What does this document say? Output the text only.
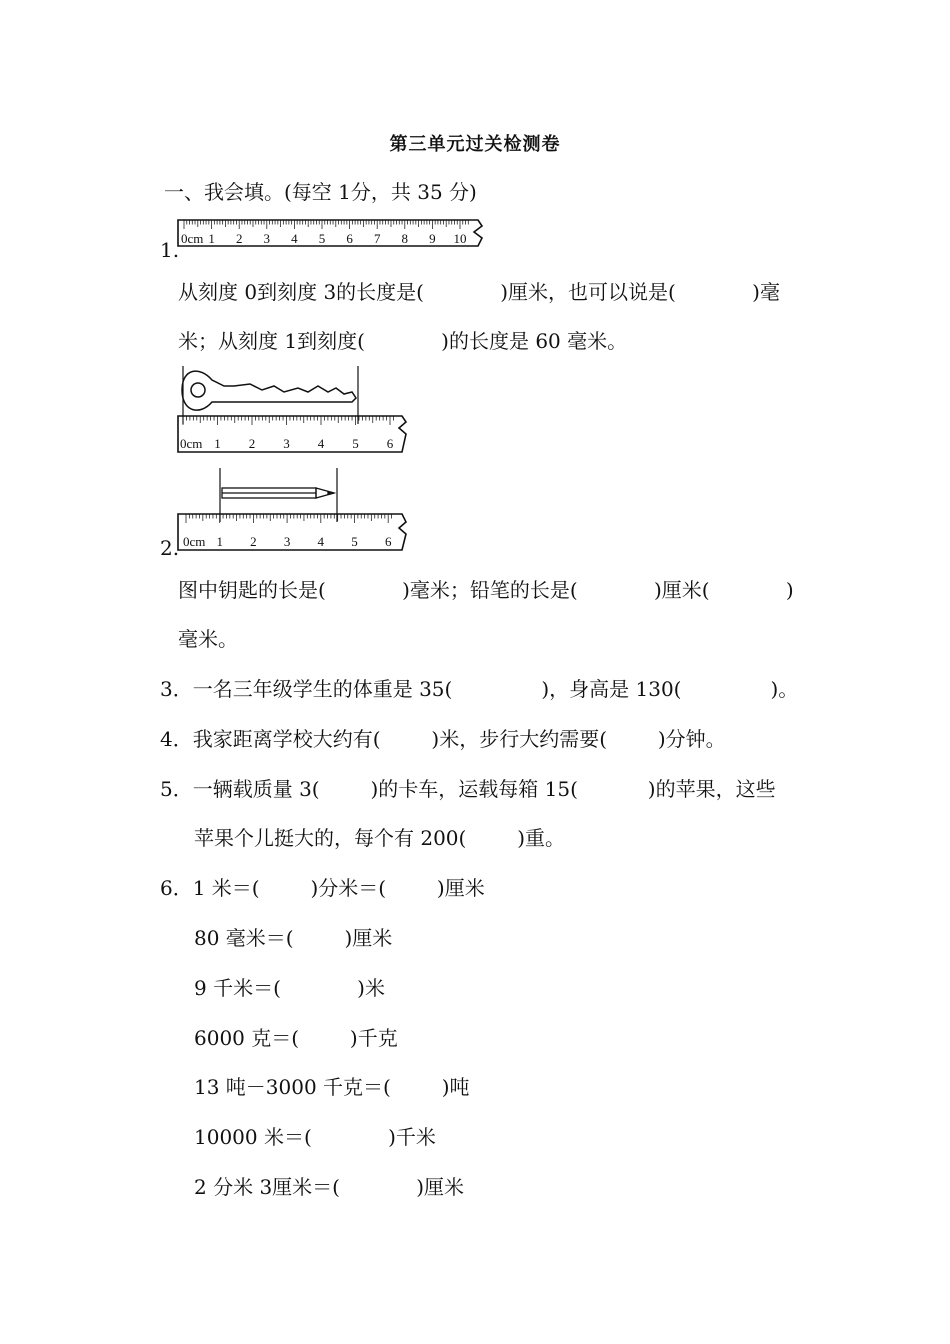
第三单元过关检测卷
一、我会填。(每空 1分，共 35 分)
0cm 1 2 3 4 5 6 7 8 9 10
1.
从刻度 0到刻度 3的长度是(            )厘米，也可以说是(            )毫
米；从刻度 1到刻度(            )的长度是 60 毫米。
0cm 1 2 3 4 5 6
0cm 1 2 3 4 5 6
2.
图中钥匙的长是(            )毫米；铅笔的长是(            )厘米(            )
毫米。
3．一名三年级学生的体重是 35(              )，身高是 130(              )。
4．我家距离学校大约有(        )米，步行大约需要(        )分钟。
5．一辆载质量 3(        )的卡车，运载每箱 15(           )的苹果，这些
苹果个儿挺大的，每个有 200(        )重。
6．1 米＝(        )分米＝(        )厘米
80 毫米＝(        )厘米
9 千米＝(            )米
6000 克＝(        )千克
13 吨－3000 千克＝(        )吨
10000 米＝(            )千米
2 分米 3厘米＝(            )厘米
